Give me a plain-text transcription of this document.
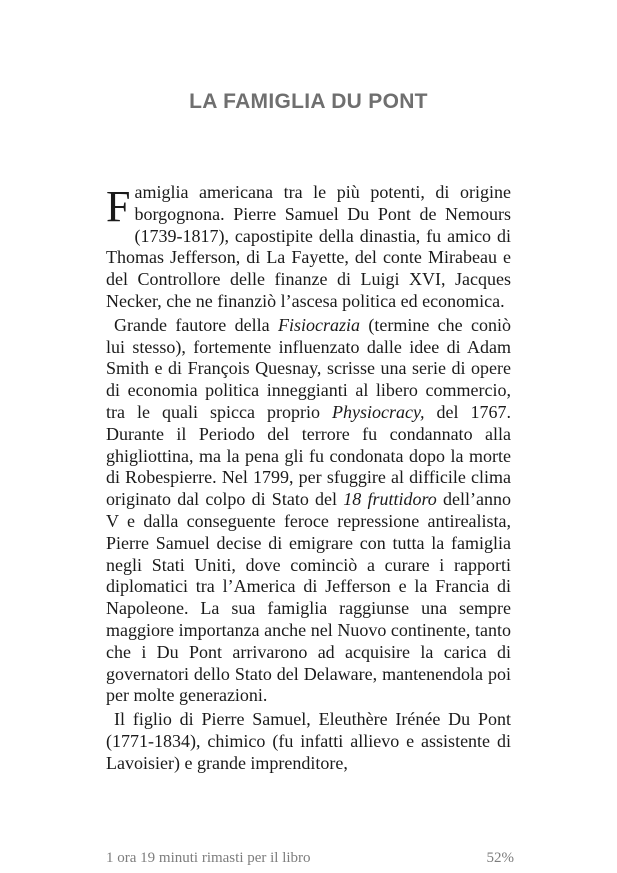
LA FAMIGLIA DU PONT

Famiglia americana tra le più potenti, di origine borgognona. Pierre Samuel Du Pont de Nemours (1739-1817), capostipite della dinastia, fu amico di Thomas Jefferson, di La Fayette, del conte Mirabeau e del Controllore delle finanze di Luigi XVI, Jacques Necker, che ne finanziò l’ascesa politica ed economica.

Grande fautore della Fisiocrazia (termine che coniò lui stesso), fortemente influenzato dalle idee di Adam Smith e di François Quesnay, scrisse una serie di opere di economia politica inneggianti al libero commercio, tra le quali spicca proprio Physiocracy, del 1767. Durante il Periodo del terrore fu condannato alla ghigliottina, ma la pena gli fu condonata dopo la morte di Robespierre. Nel 1799, per sfuggire al difficile clima originato dal colpo di Stato del 18 fruttidoro dell’anno V e dalla conseguente feroce repressione antirealista, Pierre Samuel decise di emigrare con tutta la famiglia negli Stati Uniti, dove cominciò a curare i rapporti diplomatici tra l’America di Jefferson e la Francia di Napoleone. La sua famiglia raggiunse una sempre maggiore importanza anche nel Nuovo continente, tanto che i Du Pont arrivarono ad acquisire la carica di governatori dello Stato del Delaware, mantenendola poi per molte generazioni.

Il figlio di Pierre Samuel, Eleuthère Irénée Du Pont (1771-1834), chimico (fu infatti allievo e assistente di Lavoisier) e grande imprenditore,

1 ora 19 minuti rimasti per il libro	52%
